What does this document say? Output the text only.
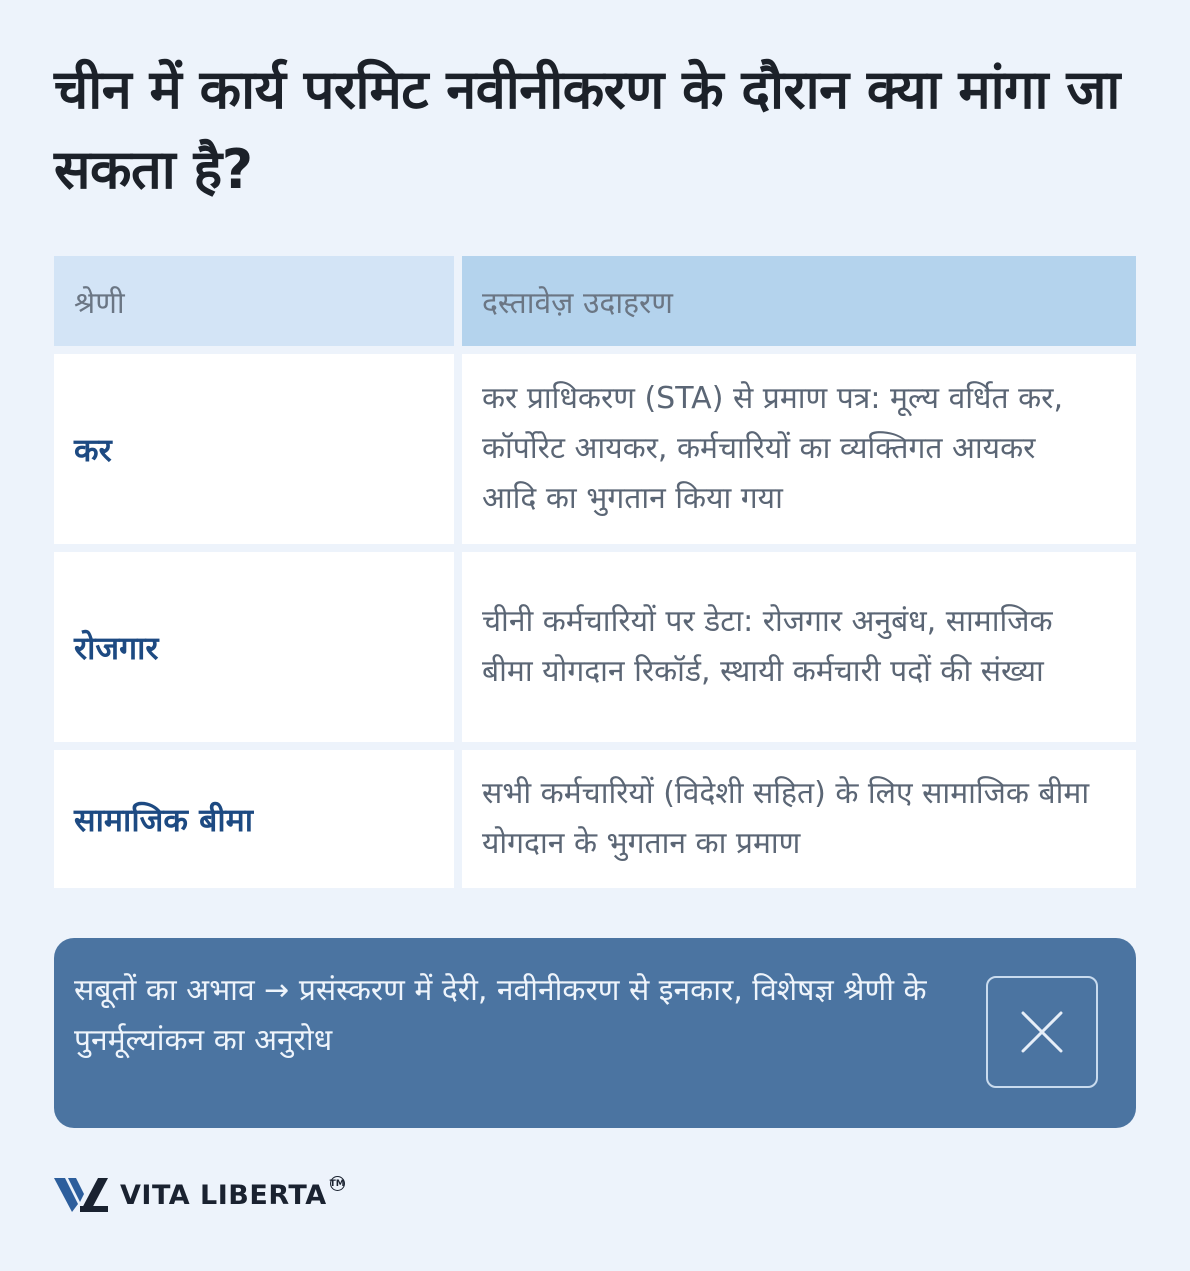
चीन में कार्य परमिट नवीनीकरण के दौरान क्या मांगा जा सकता है?
श्रेणी	दस्तावेज़ उदाहरण
कर
कर प्राधिकरण (STA) से प्रमाण पत्र: मूल्य वर्धित कर, कॉर्पोरेट आयकर, कर्मचारियों का व्यक्तिगत आयकर आदि का भुगतान किया गया
रोजगार
चीनी कर्मचारियों पर डेटा: रोजगार अनुबंध, सामाजिक बीमा योगदान रिकॉर्ड, स्थायी कर्मचारी पदों की संख्या
सामाजिक बीमा
सभी कर्मचारियों (विदेशी सहित) के लिए सामाजिक बीमा योगदान के भुगतान का प्रमाण
सबूतों का अभाव → प्रसंस्करण में देरी, नवीनीकरण से इनकार, विशेषज्ञ श्रेणी के पुनर्मूल्यांकन का अनुरोध
VITA LIBERTA TM
